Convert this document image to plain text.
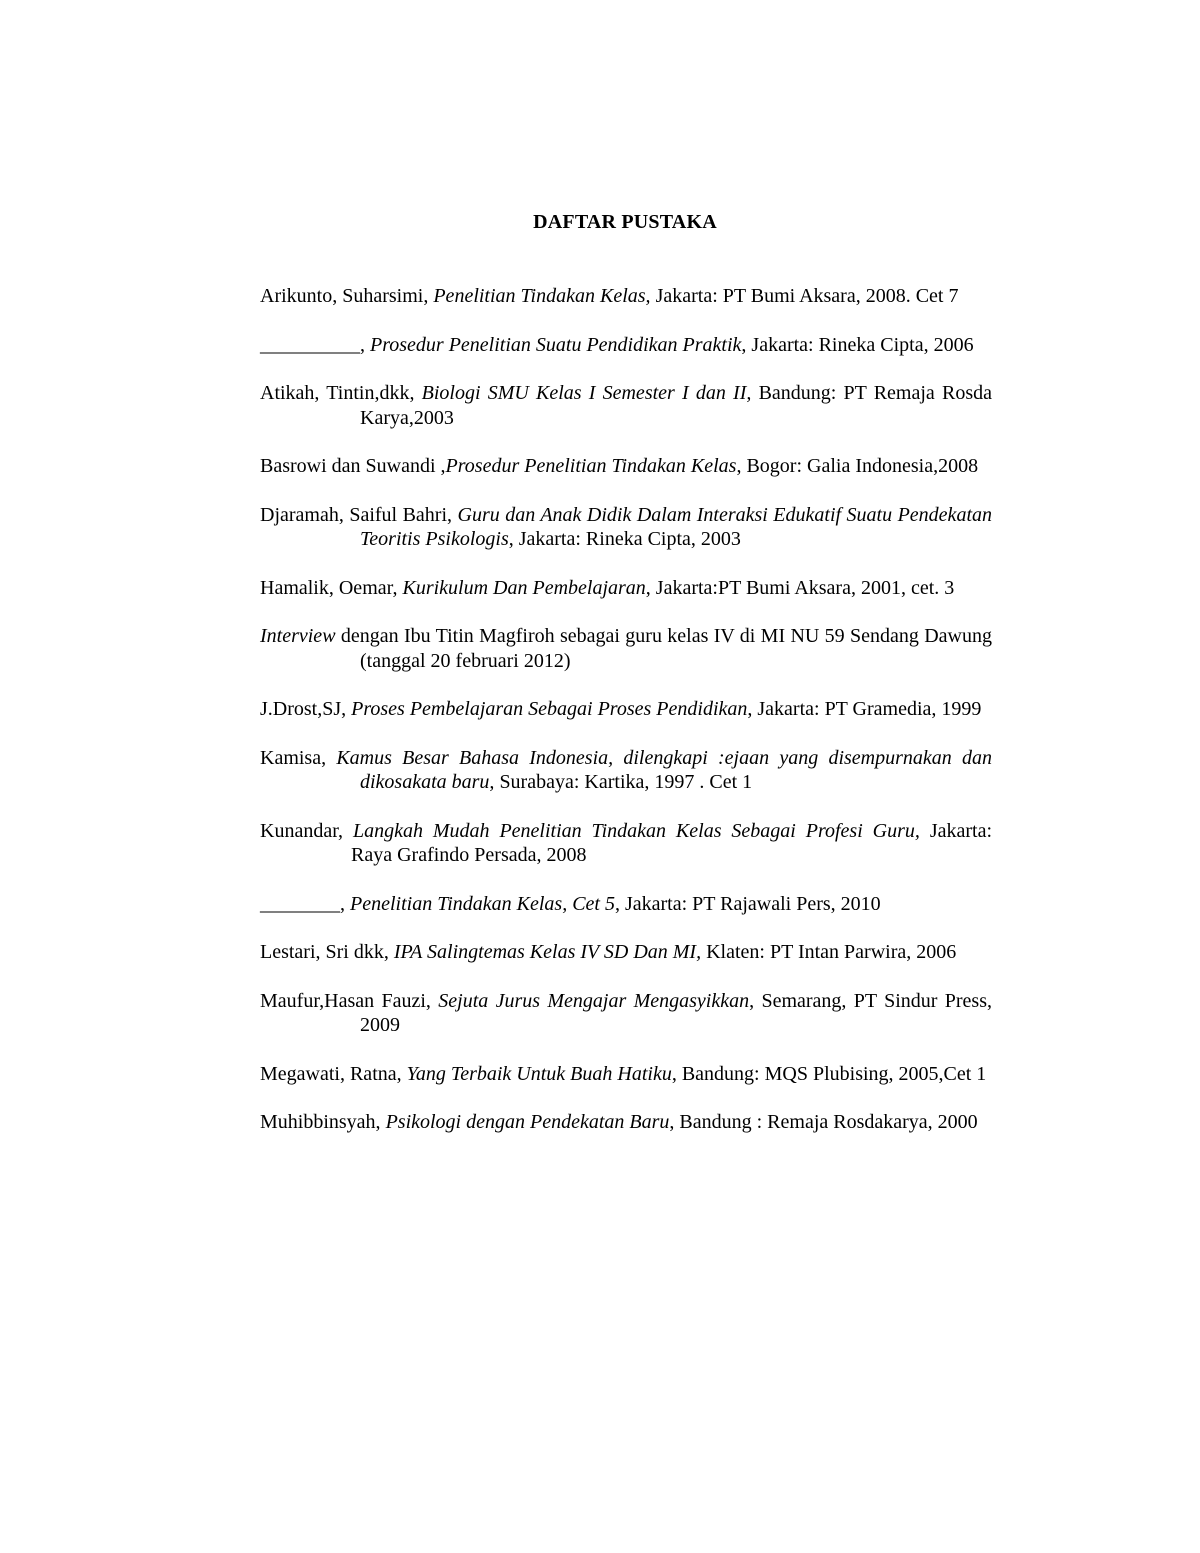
DAFTAR PUSTAKA
Arikunto, Suharsimi, Penelitian Tindakan Kelas, Jakarta: PT Bumi Aksara, 2008. Cet 7
__________, Prosedur Penelitian Suatu Pendidikan Praktik, Jakarta: Rineka Cipta, 2006
Atikah, Tintin,dkk, Biologi SMU Kelas I Semester I dan II, Bandung: PT Remaja Rosda Karya,2003
Basrowi dan Suwandi ,Prosedur Penelitian Tindakan Kelas, Bogor: Galia Indonesia,2008
Djaramah, Saiful Bahri, Guru dan Anak Didik Dalam Interaksi Edukatif Suatu Pendekatan Teoritis Psikologis, Jakarta: Rineka Cipta, 2003
Hamalik, Oemar, Kurikulum Dan Pembelajaran, Jakarta:PT Bumi Aksara, 2001, cet. 3
Interview dengan Ibu Titin Magfiroh sebagai guru kelas IV di MI NU 59 Sendang Dawung (tanggal 20 februari 2012)
J.Drost,SJ, Proses Pembelajaran Sebagai Proses Pendidikan, Jakarta: PT Gramedia, 1999
Kamisa, Kamus Besar Bahasa Indonesia, dilengkapi :ejaan yang disempurnakan dan dikosakata baru, Surabaya: Kartika, 1997 . Cet 1
Kunandar, Langkah Mudah Penelitian Tindakan Kelas Sebagai Profesi Guru, Jakarta: Raya Grafindo Persada, 2008
________, Penelitian Tindakan Kelas, Cet 5, Jakarta: PT Rajawali Pers, 2010
Lestari, Sri dkk, IPA Salingtemas Kelas IV SD Dan MI, Klaten: PT Intan Parwira, 2006
Maufur,Hasan Fauzi, Sejuta Jurus Mengajar Mengasyikkan, Semarang, PT Sindur Press, 2009
Megawati, Ratna, Yang Terbaik Untuk Buah Hatiku, Bandung: MQS Plubising, 2005,Cet 1
Muhibbinsyah, Psikologi dengan Pendekatan Baru, Bandung : Remaja Rosdakarya, 2000
